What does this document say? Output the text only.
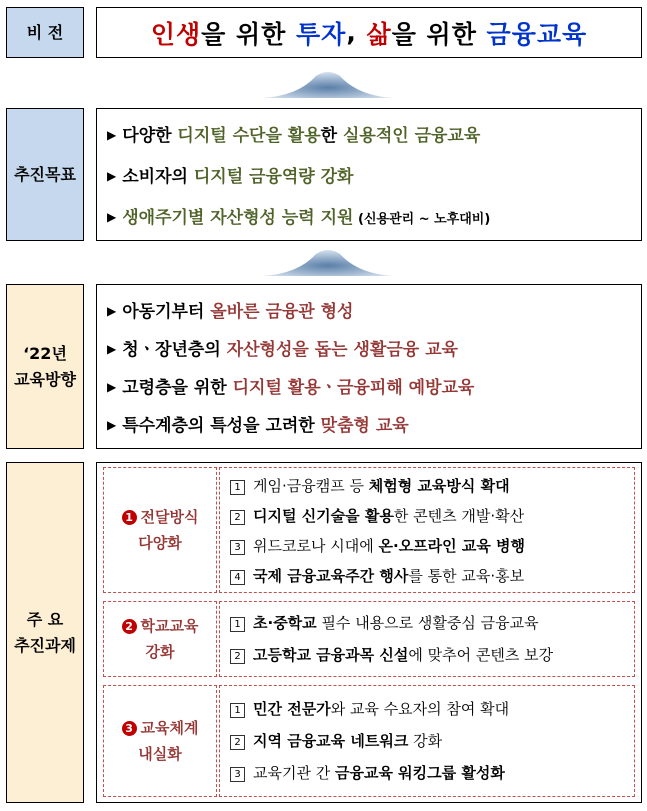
비 전	인생 을 위한 투자 , 삶 을 위한 금융교육
추진목표
▶ 다양한 디지털 수단을 활용한 실용적인 금융교육
▶ 소비자의 디지털 금융역량 강화
▶ 생애주기별 자산형성 능력 지원 (신용관리 ~ 노후대비)
‘22년
교육방향
▶ 아동기부터 올바른 금융관 형성
▶ 청ㆍ장년층의 자산형성을 돕는 생활금융 교육
▶ 고령층을 위한 디지털 활용ㆍ금융피해 예방교육
▶ 특수계층의 특성을 고려한 맞춤형 교육
주 요
추진과제
1 전달방식
다양화
1 게임·금융캠프 등 체험형 교육방식 확대
2 디지털 신기술을 활용한 콘텐츠 개발·확산
3 위드코로나 시대에 온·오프라인 교육 병행
4 국제 금융교육주간 행사를 통한 교육·홍보
2 학교교육
강화
1 초·중학교 필수 내용으로 생활중심 금융교육
2 고등학교 금융과목 신설에 맞추어 콘텐츠 보강
3 교육체계
내실화
1 민간 전문가와 교육 수요자의 참여 확대
2 지역 금융교육 네트워크 강화
3 교육기관 간 금융교육 워킹그룹 활성화
